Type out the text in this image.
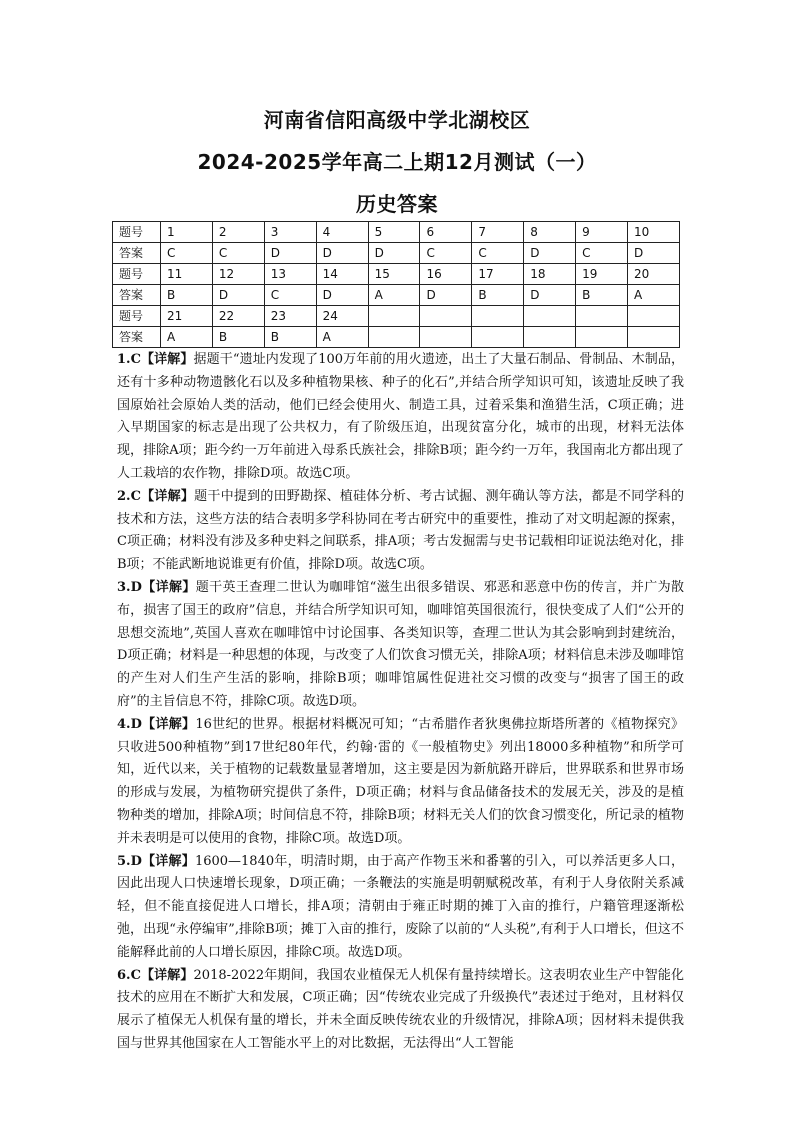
河南省信阳高级中学北湖校区
2024-2025学年高二上期12月测试（一）
历史答案
题号	1	2	3	4	5	6	7	8	9	10
答案	C	C	D	D	D	C	C	D	C	D
题号	11	12	13	14	15	16	17	18	19	20
答案	B	D	C	D	A	D	B	D	B	A
题号	21	22	23	24						
答案	A	B	B	A						

1.C【详解】据题干“遗址内发现了100万年前的用火遗迹，出土了大量石制品、骨制品、木制品，还有十多种动物遗骸化石以及多种植物果核、种子的化石”,并结合所学知识可知，该遗址反映了我国原始社会原始人类的活动，他们已经会使用火、制造工具，过着采集和渔猎生活，C项正确；进入早期国家的标志是出现了公共权力，有了阶级压迫，出现贫富分化，城市的出现，材料无法体现，排除A项；距今约一万年前进入母系氏族社会，排除B项；距今约一万年，我国南北方都出现了人工栽培的农作物，排除D项。故选C项。

2.C【详解】题干中提到的田野勘探、植硅体分析、考古试掘、测年确认等方法，都是不同学科的技术和方法，这些方法的结合表明多学科协同在考古研究中的重要性，推动了对文明起源的探索，C项正确；材料没有涉及多种史料之间联系，排A项；考古发掘需与史书记载相印证说法绝对化，排B项；不能武断地说谁更有价值，排除D项。故选C项。

3.D【详解】题干英王查理二世认为咖啡馆“滋生出很多错误、邪恶和恶意中伤的传言，并广为散布，损害了国王的政府”信息，并结合所学知识可知，咖啡馆英国很流行，很快变成了人们“公开的思想交流地”,英国人喜欢在咖啡馆中讨论国事、各类知识等，查理二世认为其会影响到封建统治，D项正确；材料是一种思想的体现，与改变了人们饮食习惯无关，排除A项；材料信息未涉及咖啡馆的产生对人们生产生活的影响，排除B项；咖啡馆属性促进社交习惯的改变与“损害了国王的政府”的主旨信息不符，排除C项。故选D项。

4.D【详解】16世纪的世界。根据材料概况可知；“古希腊作者狄奥佛拉斯塔所著的《植物探究》只收进500种植物”到17世纪80年代，约翰·雷的《一般植物史》列出18000多种植物”和所学可知，近代以来，关于植物的记载数量显著增加，这主要是因为新航路开辟后，世界联系和世界市场的形成与发展，为植物研究提供了条件，D项正确；材料与食品储备技术的发展无关，涉及的是植物种类的增加，排除A项；时间信息不符，排除B项；材料无关人们的饮食习惯变化，所记录的植物并未表明是可以使用的食物，排除C项。故选D项。

5.D【详解】1600—1840年，明清时期，由于高产作物玉米和番薯的引入，可以养活更多人口，因此出现人口快速增长现象，D项正确；一条鞭法的实施是明朝赋税改革，有利于人身依附关系减轻，但不能直接促进人口增长，排A项；清朝由于雍正时期的摊丁入亩的推行，户籍管理逐渐松弛，出现“永停编审”,排除B项；摊丁入亩的推行，废除了以前的“人头税”,有利于人口增长，但这不能解释此前的人口增长原因，排除C项。故选D项。

6.C【详解】2018-2022年期间，我国农业植保无人机保有量持续增长。这表明农业生产中智能化技术的应用在不断扩大和发展，C项正确；因“传统农业完成了升级换代”表述过于绝对，且材料仅展示了植保无人机保有量的增长，并未全面反映传统农业的升级情况，排除A项；因材料未提供我国与世界其他国家在人工智能水平上的对比数据，无法得出“人工智能
